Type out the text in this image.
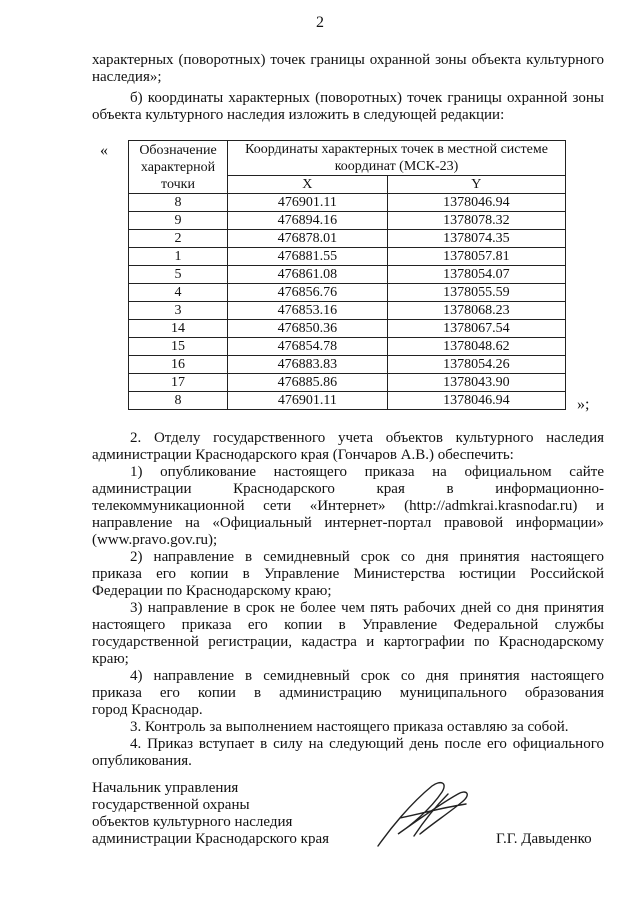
2

характерных (поворотных) точек границы охранной зоны объекта культурного

наследия»;

б) координаты характерных (поворотных) точек границы охранной зоны

объекта культурного наследия изложить в следующей редакции:

« Обозначение характерной точки	Координаты характерных точек в местной системе координат (МСК-23)	
	X	Y
8	476901.11	1378046.94
9	476894.16	1378078.32
2	476878.01	1378074.35
1	476881.55	1378057.81
5	476861.08	1378054.07
4	476856.76	1378055.59
3	476853.16	1378068.23
14	476850.36	1378067.54
15	476854.78	1378048.62
16	476883.83	1378054.26
17	476885.86	1378043.90
8	476901.11	1378046.94	»;

2. Отделу государственного учета объектов культурного наследия

администрации Краснодарского края (Гончаров А.В.) обеспечить:

1) опубликование настоящего приказа на официальном сайте

администрации Краснодарского края в информационно-

телекоммуникационной сети «Интернет» (http://admkrai.krasnodar.ru) и

направление на «Официальный интернет-портал правовой информации»

(www.pravo.gov.ru);

2) направление в семидневный срок со дня принятия настоящего

приказа его копии в Управление Министерства юстиции Российской

Федерации по Краснодарскому краю;

3) направление в срок не более чем пять рабочих дней со дня принятия

настоящего приказа его копии в Управление Федеральной службы

государственной регистрации, кадастра и картографии по Краснодарскому

краю;

4) направление в семидневный срок со дня принятия настоящего

приказа его копии в администрацию муниципального образования

город Краснодар.

3. Контроль за выполнением настоящего приказа оставляю за собой.

4. Приказ вступает в силу на следующий день после его официального

опубликования.

Начальник управления
государственной охраны
объектов культурного наследия
администрации Краснодарского края	Г.Г. Давыденко
